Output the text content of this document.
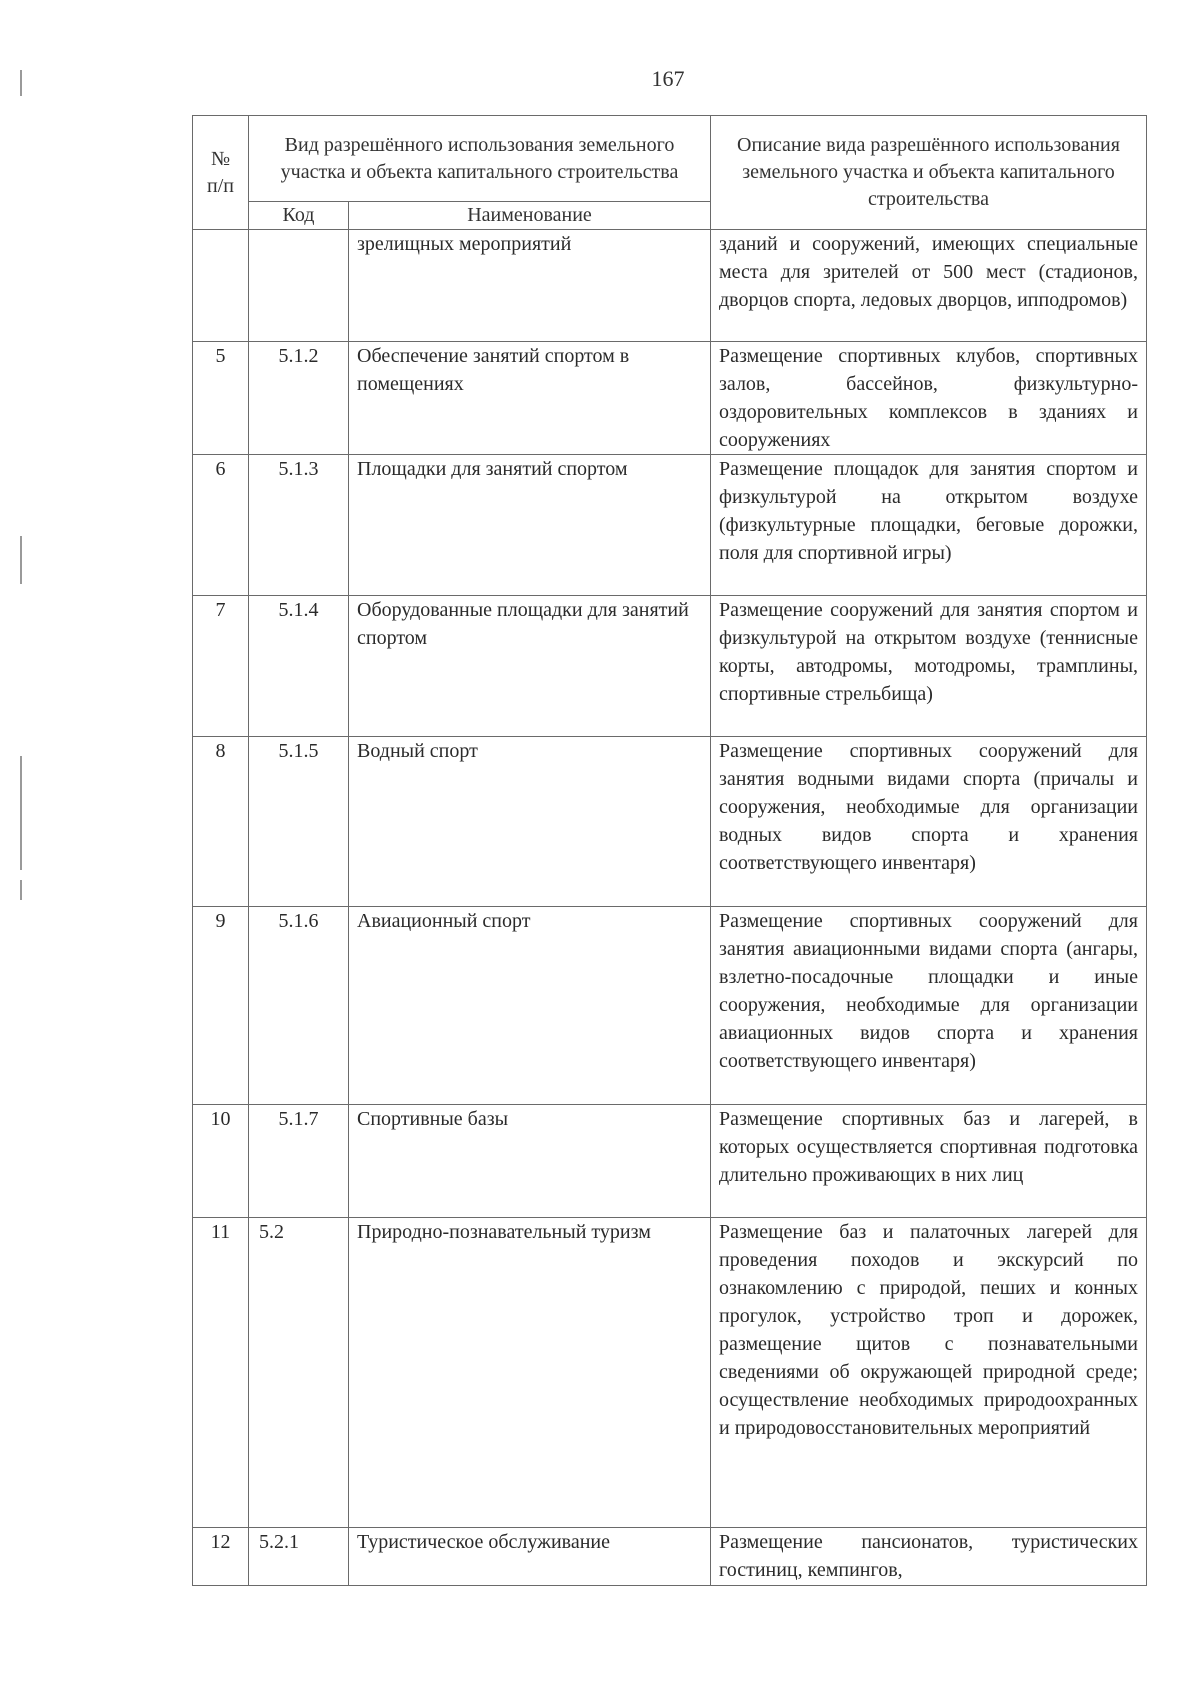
167
№ п/п	Вид разрешённого использования земельного участка и объекта капитального строительства		Описание вида разрешённого использования земельного участка и объекта капитального строительства
	Код	Наименование	
		зрелищных мероприятий	зданий и сооружений, имеющих специальные места для зрителей от 500 мест (стадионов, дворцов спорта, ледовых дворцов, ипподромов)
5	5.1.2	Обеспечение занятий спортом в помещениях	Размещение спортивных клубов, спортивных залов, бассейнов, физкультурно-оздоровительных комплексов в зданиях и сооружениях
6	5.1.3	Площадки для занятий спортом	Размещение площадок для занятия спортом и физкультурой на открытом воздухе (физкультурные площадки, беговые дорожки, поля для спортивной игры)
7	5.1.4	Оборудованные площадки для занятий спортом	Размещение сооружений для занятия спортом и физкультурой на открытом воздухе (теннисные корты, автодромы, мотодромы, трамплины, спортивные стрельбища)
8	5.1.5	Водный спорт	Размещение спортивных сооружений для занятия водными видами спорта (причалы и сооружения, необходимые для организации водных видов спорта и хранения соответствующего инвентаря)
9	5.1.6	Авиационный спорт	Размещение спортивных сооружений для занятия авиационными видами спорта (ангары, взлетно-посадочные площадки и иные сооружения, необходимые для организации авиационных видов спорта и хранения соответствующего инвентаря)
10	5.1.7	Спортивные базы	Размещение спортивных баз и лагерей, в которых осуществляется спортивная подготовка длительно проживающих в них лиц
11	5.2	Природно-познавательный туризм	Размещение баз и палаточных лагерей для проведения походов и экскурсий по ознакомлению с природой, пеших и конных прогулок, устройство троп и дорожек, размещение щитов с познавательными сведениями об окружающей природной среде; осуществление необходимых природоохранных и природовосстановительных мероприятий
12	5.2.1	Туристическое обслуживание	Размещение пансионатов, туристических гостиниц, кемпингов,
